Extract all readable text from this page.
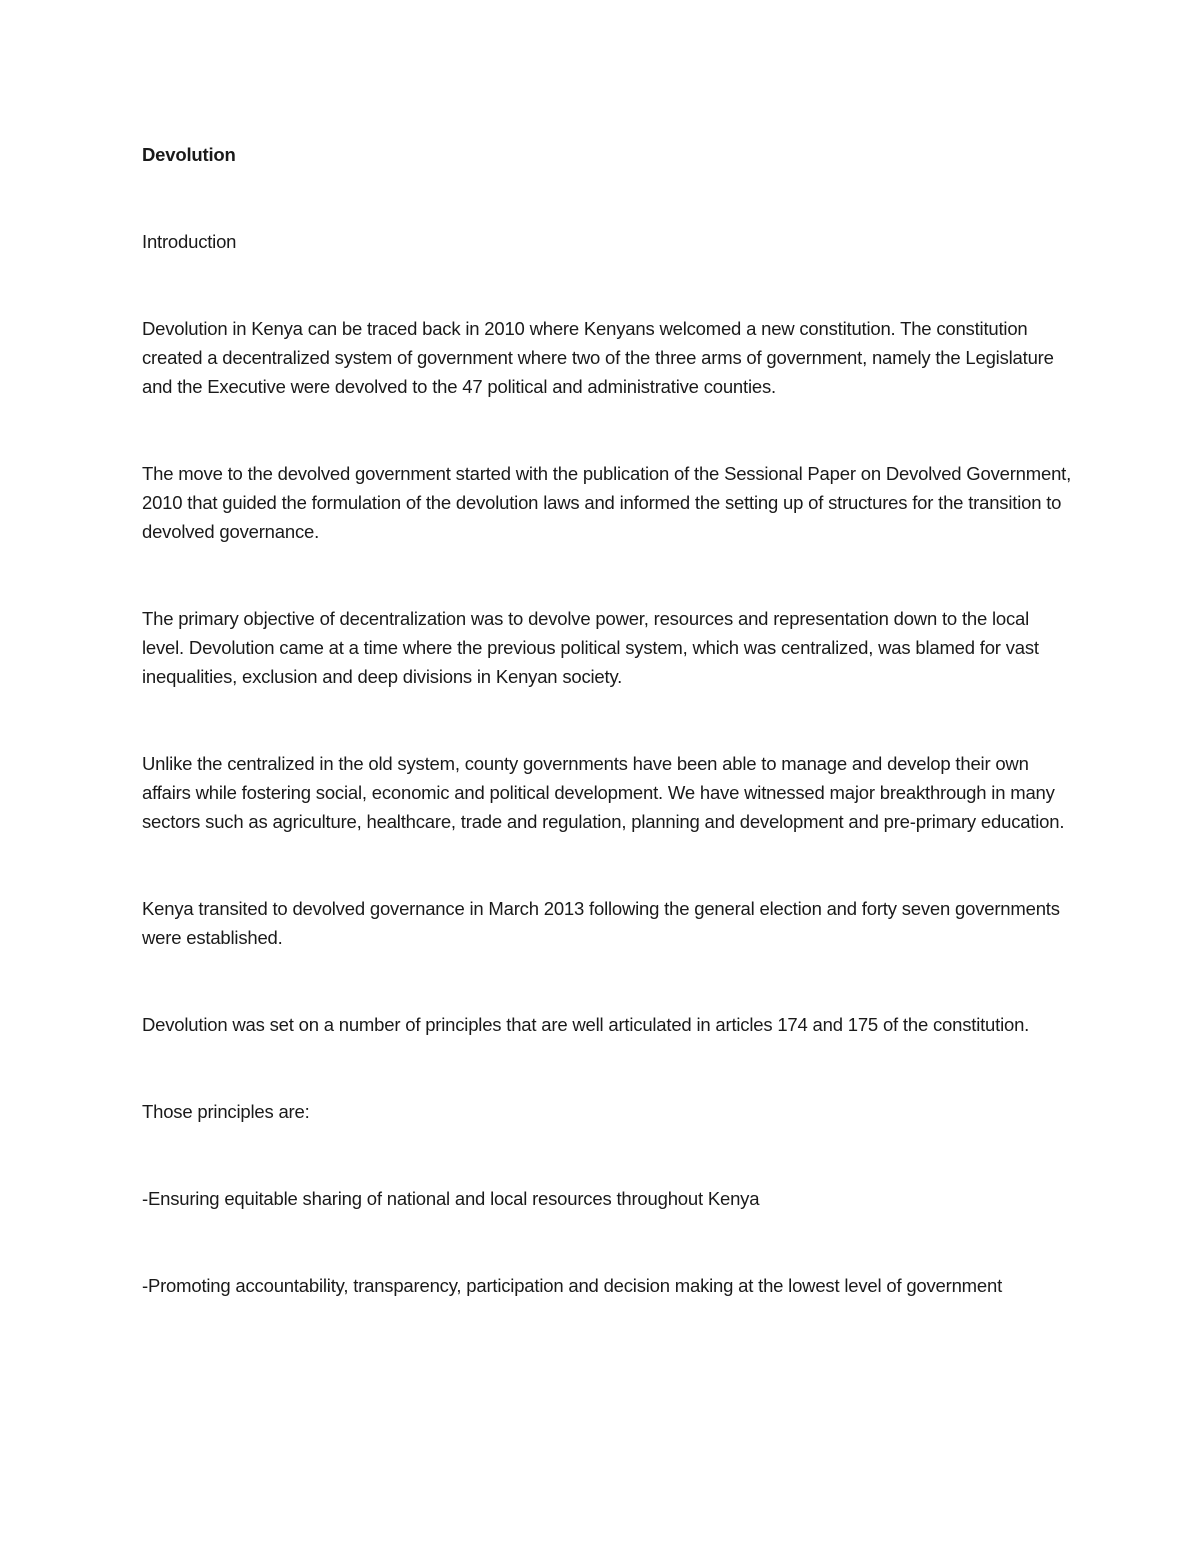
Devolution
Introduction

Devolution in Kenya can be traced back in 2010 where Kenyans welcomed a new constitution. The constitution created a decentralized system of government where two of the three arms of government, namely the Legislature and the Executive were devolved to the 47 political and administrative counties.

The move to the devolved government started with the publication of the Sessional Paper on Devolved Government, 2010 that guided the formulation of the devolution laws and informed the setting up of structures for the transition to devolved governance.

The primary objective of decentralization was to devolve power, resources and representation down to the local level. Devolution came at a time where the previous political system, which was centralized, was blamed for vast inequalities, exclusion and deep divisions in Kenyan society.

Unlike the centralized in the old system, county governments have been able to manage and develop their own affairs while fostering social, economic and political development. We have witnessed major breakthrough in many sectors such as agriculture, healthcare, trade and regulation, planning and development and pre-primary education.

Kenya transited to devolved governance in March 2013 following the general election and forty seven governments were established.

Devolution was set on a number of principles that are well articulated in articles 174 and 175 of the constitution.

Those principles are:

-Ensuring equitable sharing of national and local resources throughout Kenya

-Promoting accountability, transparency, participation and decision making at the lowest level of government
